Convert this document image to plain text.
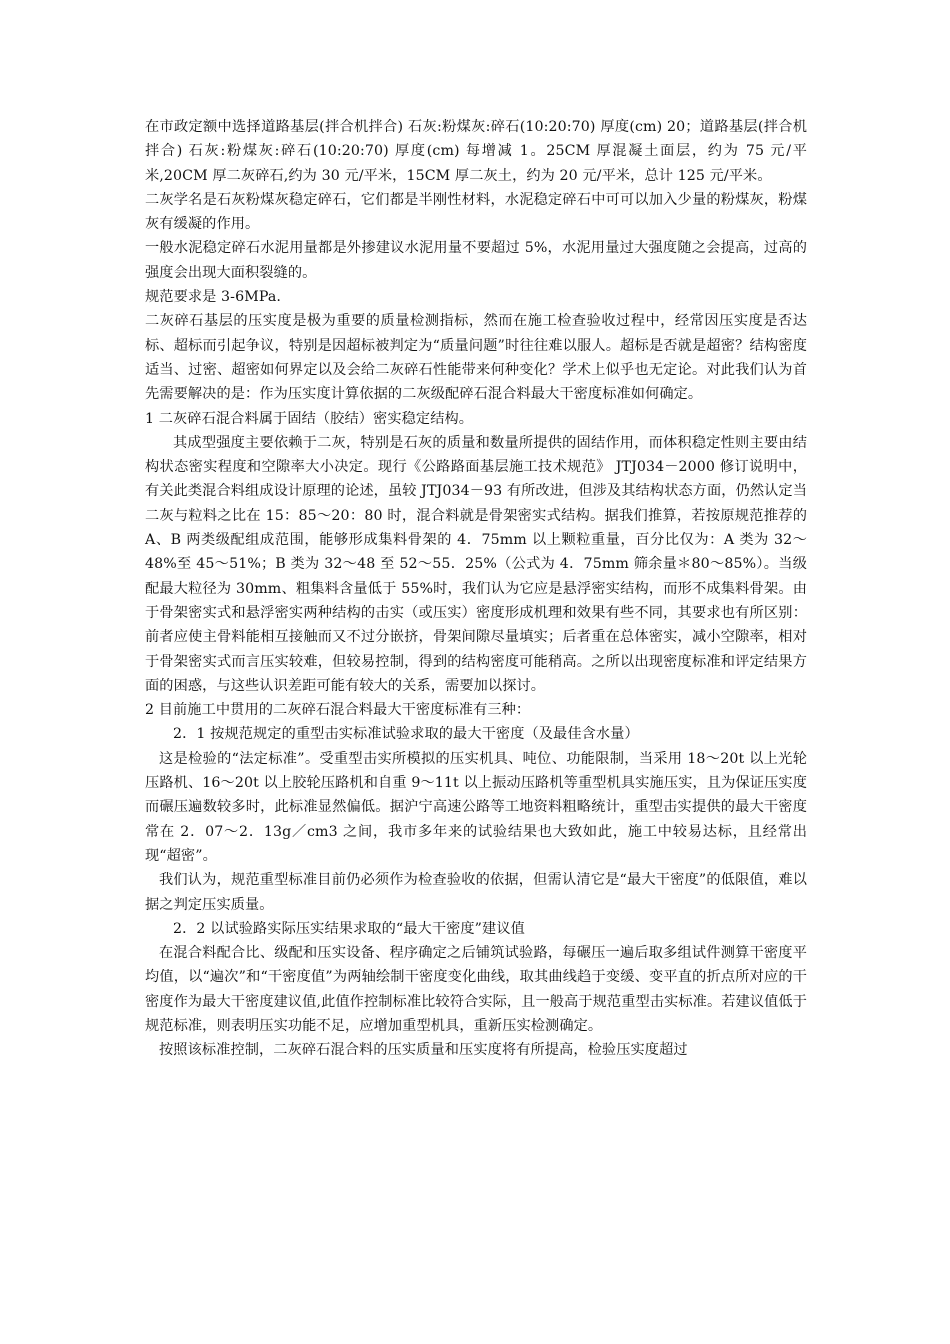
在市政定额中选择道路基层(拌合机拌合) 石灰:粉煤灰:碎石(10:20:70) 厚度(cm) 20；道路基层(拌合机拌合) 石灰:粉煤灰:碎石(10:20:70) 厚度(cm) 每增减 1。25CM 厚混凝土面层，约为 75 元/平米,20CM 厚二灰碎石,约为 30 元/平米，15CM 厚二灰土，约为 20 元/平米，总计 125 元/平米。

二灰学名是石灰粉煤灰稳定碎石，它们都是半刚性材料，水泥稳定碎石中可可以加入少量的粉煤灰，粉煤灰有缓凝的作用。

一般水泥稳定碎石水泥用量都是外掺建议水泥用量不要超过 5%，水泥用量过大强度随之会提高，过高的强度会出现大面积裂缝的。

规范要求是 3-6MPa.

二灰碎石基层的压实度是极为重要的质量检测指标，然而在施工检查验收过程中，经常因压实度是否达标、超标而引起争议，特别是因超标被判定为“质量问题”时往往难以服人。超标是否就是超密？结构密度适当、过密、超密如何界定以及会给二灰碎石性能带来何种变化？学术上似乎也无定论。对此我们认为首先需要解决的是：作为压实度计算依据的二灰级配碎石混合料最大干密度标准如何确定。

1 二灰碎石混合料属于固结（胶结）密实稳定结构。

其成型强度主要依赖于二灰，特别是石灰的质量和数量所提供的固结作用，而体积稳定性则主要由结构状态密实程度和空隙率大小决定。现行《公路路面基层施工技术规范》 JTJ034－2000 修订说明中，有关此类混合料组成设计原理的论述，虽较 JTJ034－93 有所改进，但涉及其结构状态方面，仍然认定当二灰与粒料之比在 15：85～20：80 时，混合料就是骨架密实式结构。据我们推算，若按原规范推荐的 A、B 两类级配组成范围，能够形成集料骨架的 4．75mm 以上颗粒重量，百分比仅为：A 类为 32～48%至 45～51%；B 类为 32～48 至 52～55．25%（公式为 4．75mm 筛余量＊80～85%）。当级配最大粒径为 30mm、粗集料含量低于 55%时，我们认为它应是悬浮密实结构，而形不成集料骨架。由于骨架密实式和悬浮密实两种结构的击实（或压实）密度形成机理和效果有些不同，其要求也有所区别：前者应使主骨料能相互接触而又不过分嵌挤，骨架间隙尽量填实；后者重在总体密实，减小空隙率，相对于骨架密实式而言压实较难，但较易控制，得到的结构密度可能稍高。之所以出现密度标准和评定结果方面的困惑，与这些认识差距可能有较大的关系，需要加以探讨。

2 目前施工中贯用的二灰碎石混合料最大干密度标准有三种：

2．1 按规范规定的重型击实标准试验求取的最大干密度（及最佳含水量）

这是检验的“法定标准”。受重型击实所模拟的压实机具、吨位、功能限制，当采用 18～20t 以上光轮压路机、16～20t 以上胶轮压路机和自重 9～11t 以上振动压路机等重型机具实施压实，且为保证压实度而碾压遍数较多时，此标准显然偏低。据沪宁高速公路等工地资料粗略统计，重型击实提供的最大干密度常在 2．07～2．13g／cm3 之间，我市多年来的试验结果也大致如此，施工中较易达标，且经常出现“超密”。

我们认为，规范重型标准目前仍必须作为检查验收的依据，但需认清它是“最大干密度”的低限值，难以据之判定压实质量。

2．2 以试验路实际压实结果求取的“最大干密度”建议值

在混合料配合比、级配和压实设备、程序确定之后铺筑试验路，每碾压一遍后取多组试件测算干密度平均值，以“遍次”和“干密度值”为两轴绘制干密度变化曲线，取其曲线趋于变缓、变平直的折点所对应的干密度作为最大干密度建议值,此值作控制标准比较符合实际，且一般高于规范重型击实标准。若建议值低于规范标准，则表明压实功能不足，应增加重型机具，重新压实检测确定。

按照该标准控制，二灰碎石混合料的压实质量和压实度将有所提高，检验压实度超过
